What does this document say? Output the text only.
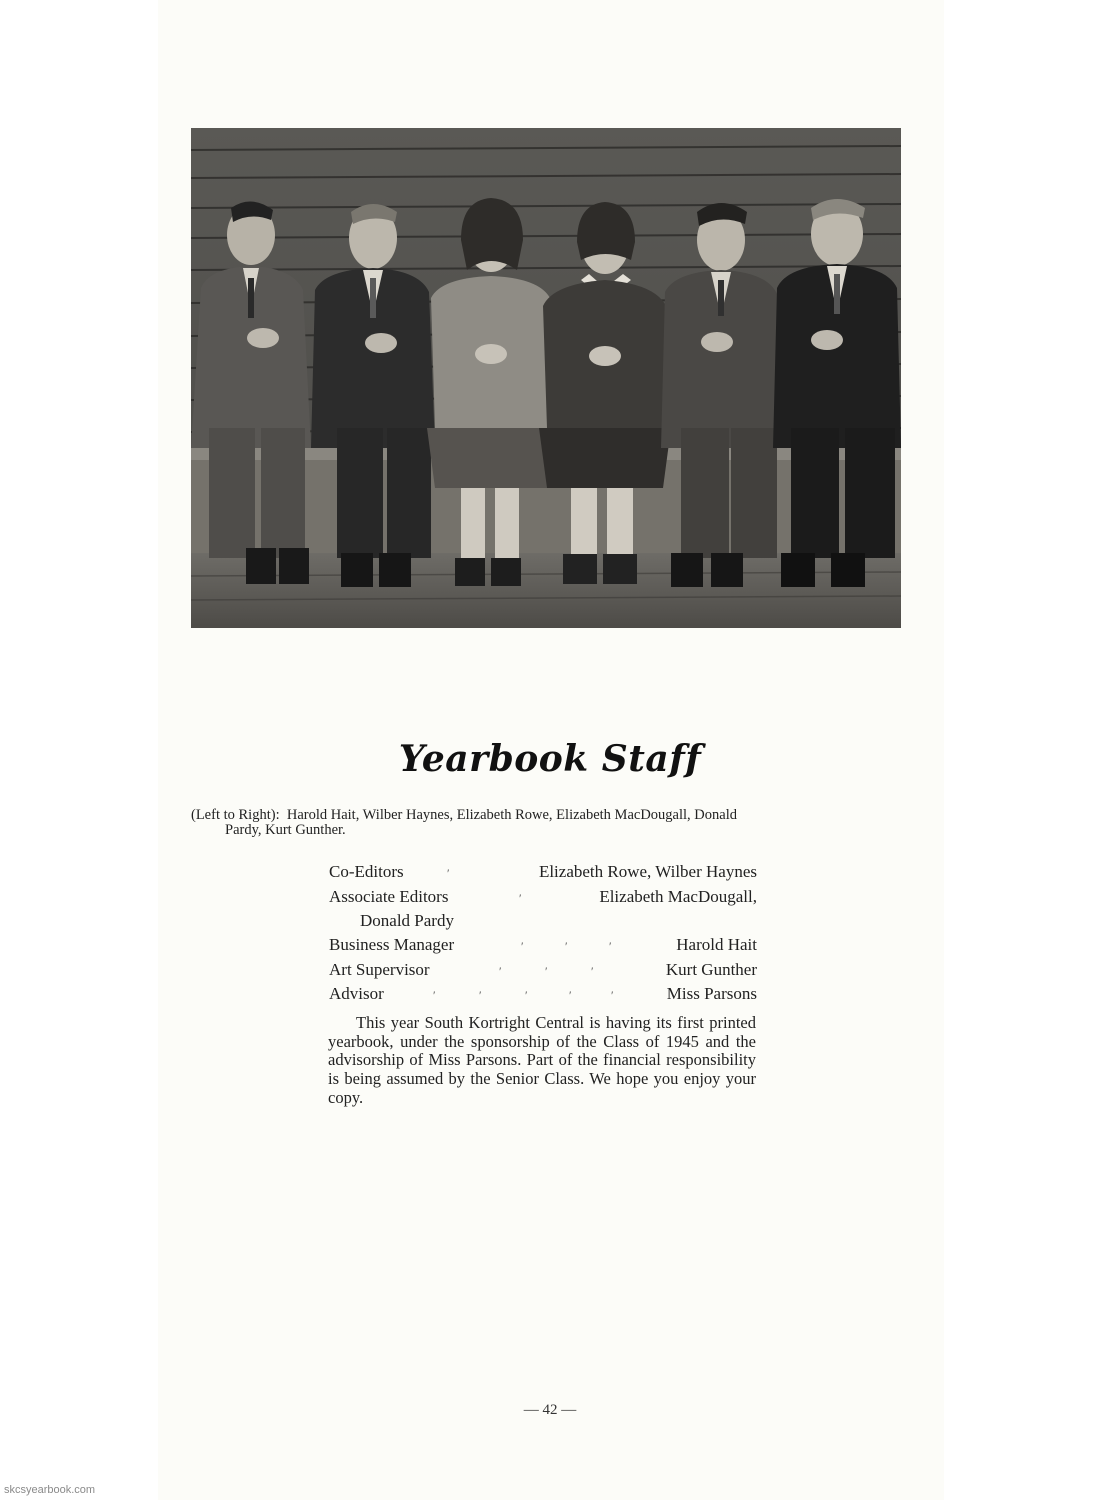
Yearbook Staff
(Left to Right): Harold Hait, Wilber Haynes, Elizabeth Rowe, Elizabeth MacDougall, Donald
Pardy, Kurt Gunther.
Co-Editors	′	Elizabeth Rowe, Wilber Haynes
Associate Editors	′	Elizabeth MacDougall,
Donald Pardy
Business Manager	′	′	′	Harold Hait
Art Supervisor	′	′	′	Kurt Gunther
Advisor	′	′	′	′	′	Miss Parsons
This year South Kortright Central is having its first printed yearbook, under the sponsorship of the Class of 1945 and the advisorship of Miss Parsons. Part of the financial responsibility is being assumed by the Senior Class. We hope you enjoy your copy.
— 42 —
skcsyearbook.com
